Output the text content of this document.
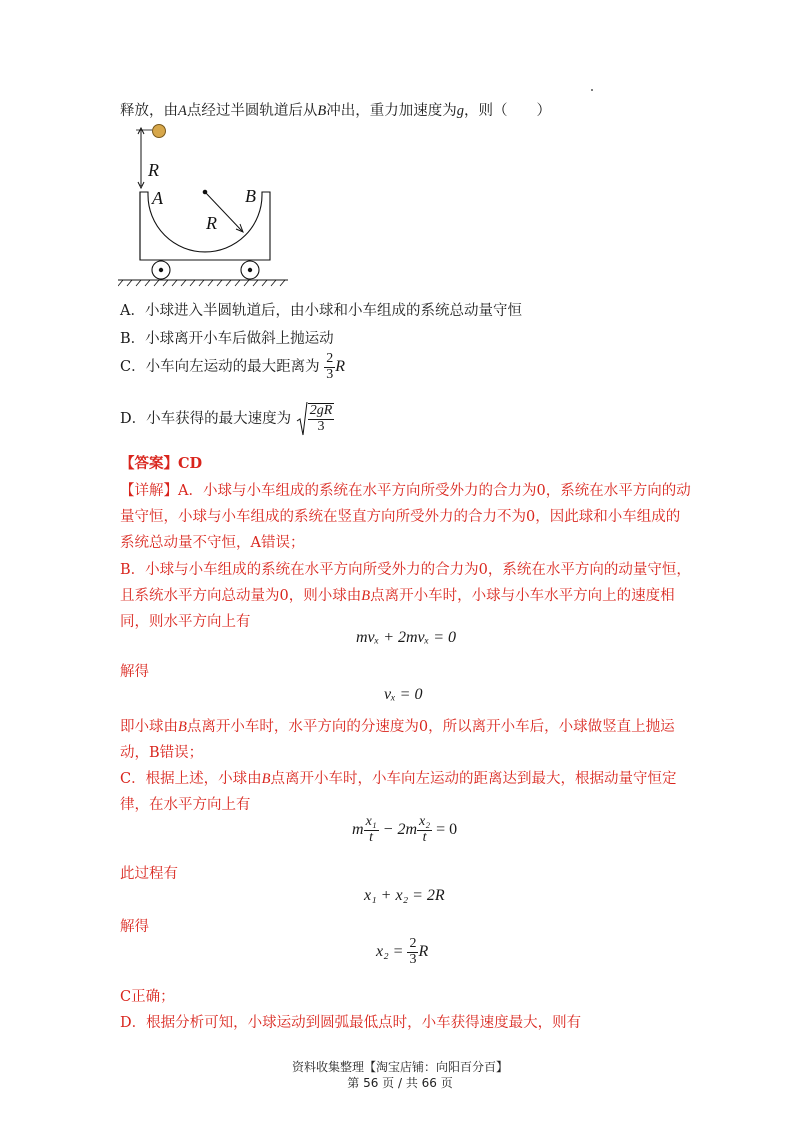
释放，由A点经过半圆轨道后从B冲出，重力加速度为g，则（　　）
R
A	B
R
A．小球进入半圆轨道后，由小球和小车组成的系统总动量守恒
B．小球离开小车后做斜上抛运动
C．小车向左运动的最大距离为 $\frac{2}{3}$ R
D．小车获得的最大速度为 $\frac{2gR}{3}$
【答案】CD
【详解】A．小球与小车组成的系统在水平方向所受外力的合力为0，系统在水平方向的动
量守恒，小球与小车组成的系统在竖直方向所受外力的合力不为0，因此球和小车组成的
系统总动量不守恒，A错误；
B．小球与小车组成的系统在水平方向所受外力的合力为0，系统在水平方向的动量守恒，
且系统水平方向总动量为0，则小球由B点离开小车时，小球与小车水平方向上的速度相
同，则水平方向上有
mvₓ + 2mvₓ = 0
解得
vₓ = 0
即小球由B点离开小车时，水平方向的分速度为0，所以离开小车后，小球做竖直上抛运
动，B错误；
C．根据上述，小球由B点离开小车时，小车向左运动的距离达到最大，根据动量守恒定
律，在水平方向上有
m $\frac{\text{x₁}}{t} - 2m \frac{\text{x₂}}{t} = 0$
此过程有
x₁ + x₂ = 2R
解得
$x_2 = \frac{2}{3}$ R
C正确；
D．根据分析可知，小球运动到圆弧最低点时，小车获得速度最大，则有
资料收集整理【淘宝店铺：向阳百分百】
第 56 页 / 共 66 页
